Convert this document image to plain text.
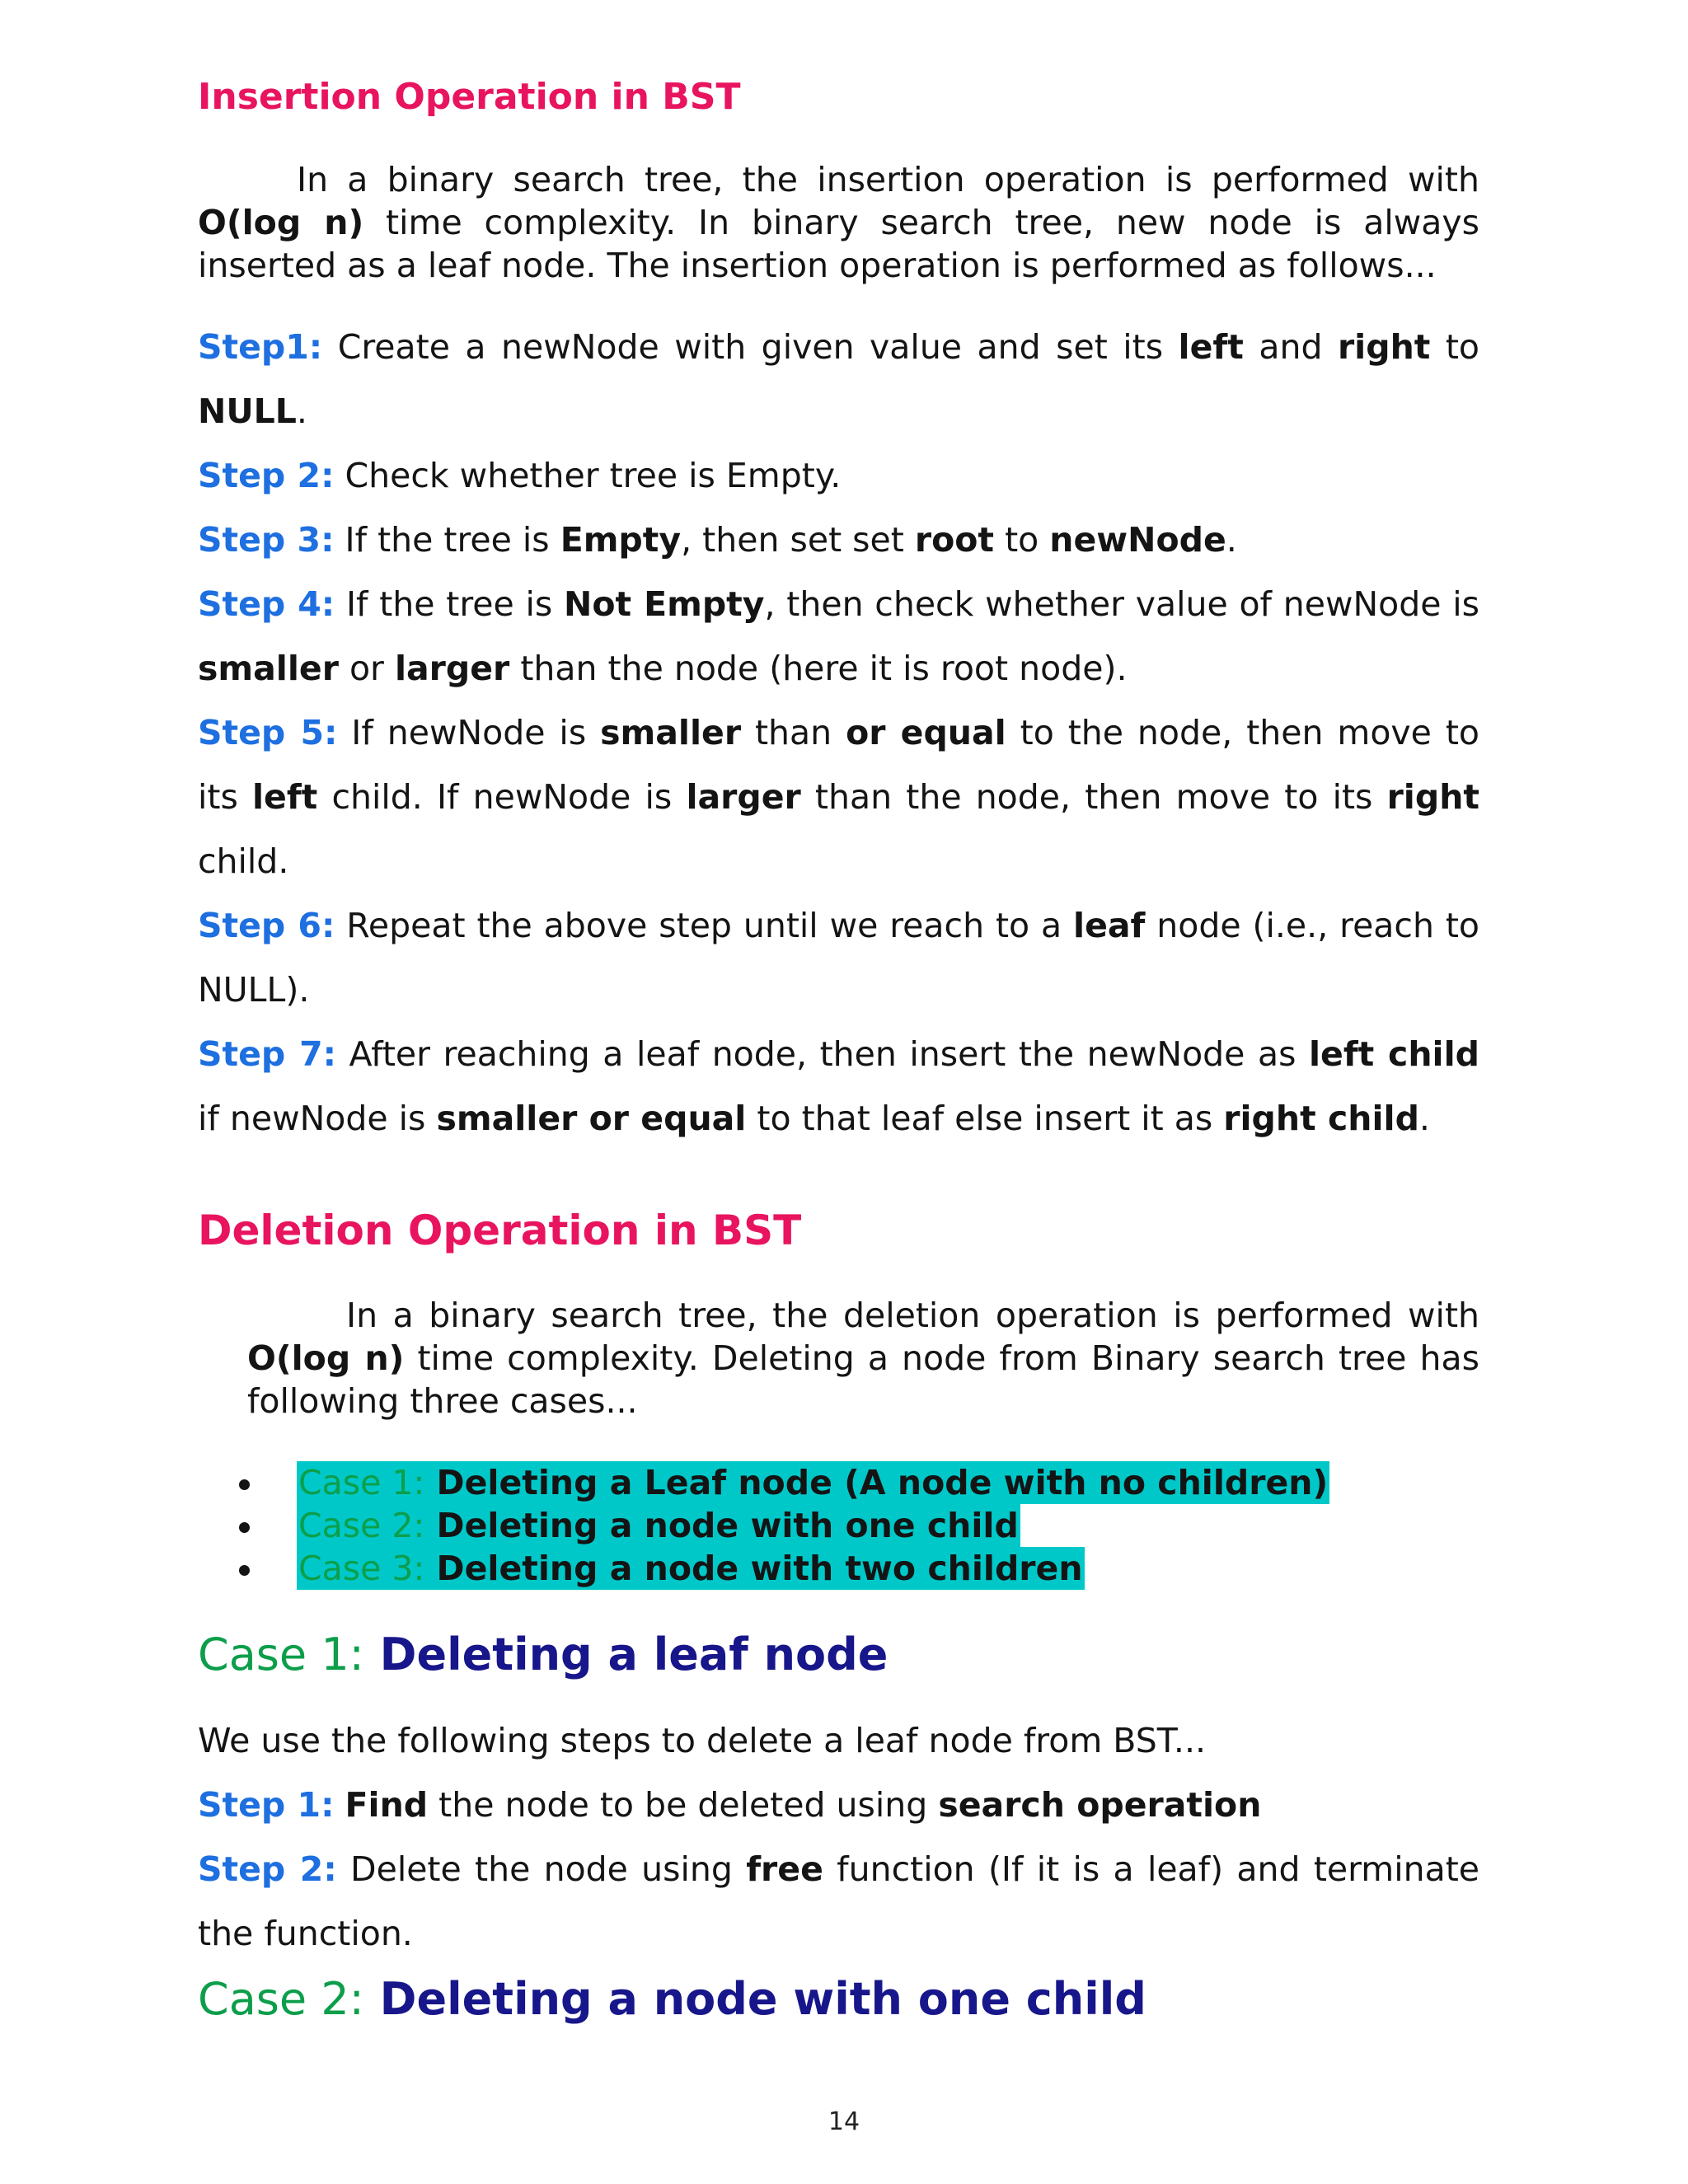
Insertion Operation in BST
In a binary search tree, the insertion operation is performed with O(log n) time complexity. In binary search tree, new node is always inserted as a leaf node. The insertion operation is performed as follows...
Step1: Create a newNode with given value and set its left and right to NULL.
Step 2: Check whether tree is Empty.
Step 3: If the tree is Empty, then set set root to newNode.
Step 4: If the tree is Not Empty, then check whether value of newNode is smaller or larger than the node (here it is root node).
Step 5: If newNode is smaller than or equal to the node, then move to its left child. If newNode is larger than the node, then move to its right child.
Step 6: Repeat the above step until we reach to a leaf node (i.e., reach to NULL).
Step 7: After reaching a leaf node, then insert the newNode as left child if newNode is smaller or equal to that leaf else insert it as right child.
Deletion Operation in BST
In a binary search tree, the deletion operation is performed with O(log n) time complexity. Deleting a node from Binary search tree has following three cases...
Case 1: Deleting a Leaf node (A node with no children)
Case 2: Deleting a node with one child
Case 3: Deleting a node with two children
Case 1: Deleting a leaf node
We use the following steps to delete a leaf node from BST...
Step 1: Find the node to be deleted using search operation
Step 2: Delete the node using free function (If it is a leaf) and terminate the function.
Case 2: Deleting a node with one child
14
